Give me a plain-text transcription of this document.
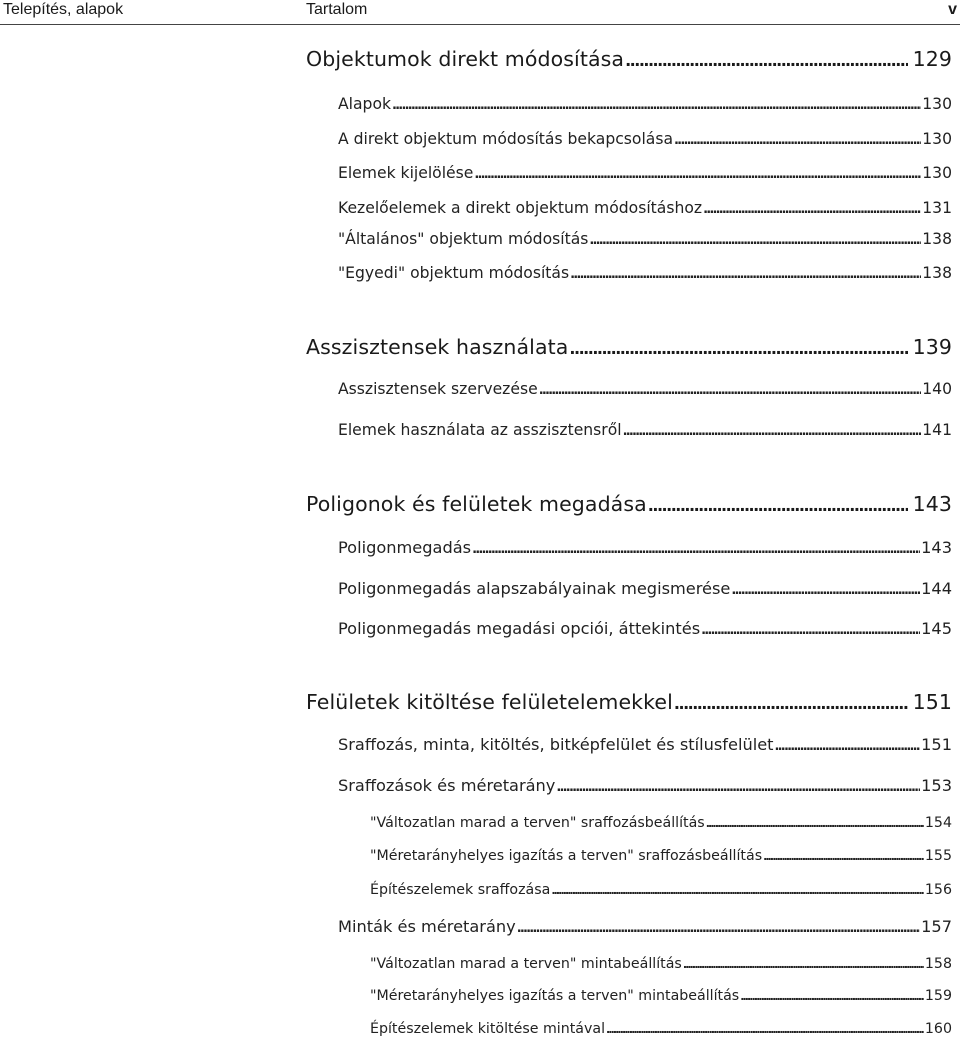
Telepítés, alapok	Tartalom	v
Objektumok direkt módosítása .....	129
Alapok .....	130
A direkt objektum módosítás bekapcsolása .....	130
Elemek kijelölése .....	130
Kezelőelemek a direkt objektum módosításhoz .....	131
"Általános" objektum módosítás .....	138
"Egyedi" objektum módosítás .....	138
Asszisztensek használata .....	139
Asszisztensek szervezése .....	140
Elemek használata az asszisztensről .....	141
Poligonok és felületek megadása .....	143
Poligonmegadás .....	143
Poligonmegadás alapszabályainak megismerése .....	144
Poligonmegadás megadási opciói, áttekintés .....	145
Felületek kitöltése felületelemekkel .....	151
Sraffozás, minta, kitöltés, bitképfelület és stílusfelület .....	151
Sraffozások és méretarány .....	153
"Változatlan marad a terven" sraffozásbeállítás .....	154
"Méretarányhelyes igazítás a terven" sraffozásbeállítás .....	155
Építészelemek sraffozása .....	156
Minták és méretarány .....	157
"Változatlan marad a terven" mintabeállítás .....	158
"Méretarányhelyes igazítás a terven" mintabeállítás .....	159
Építészelemek kitöltése mintával .....	160
